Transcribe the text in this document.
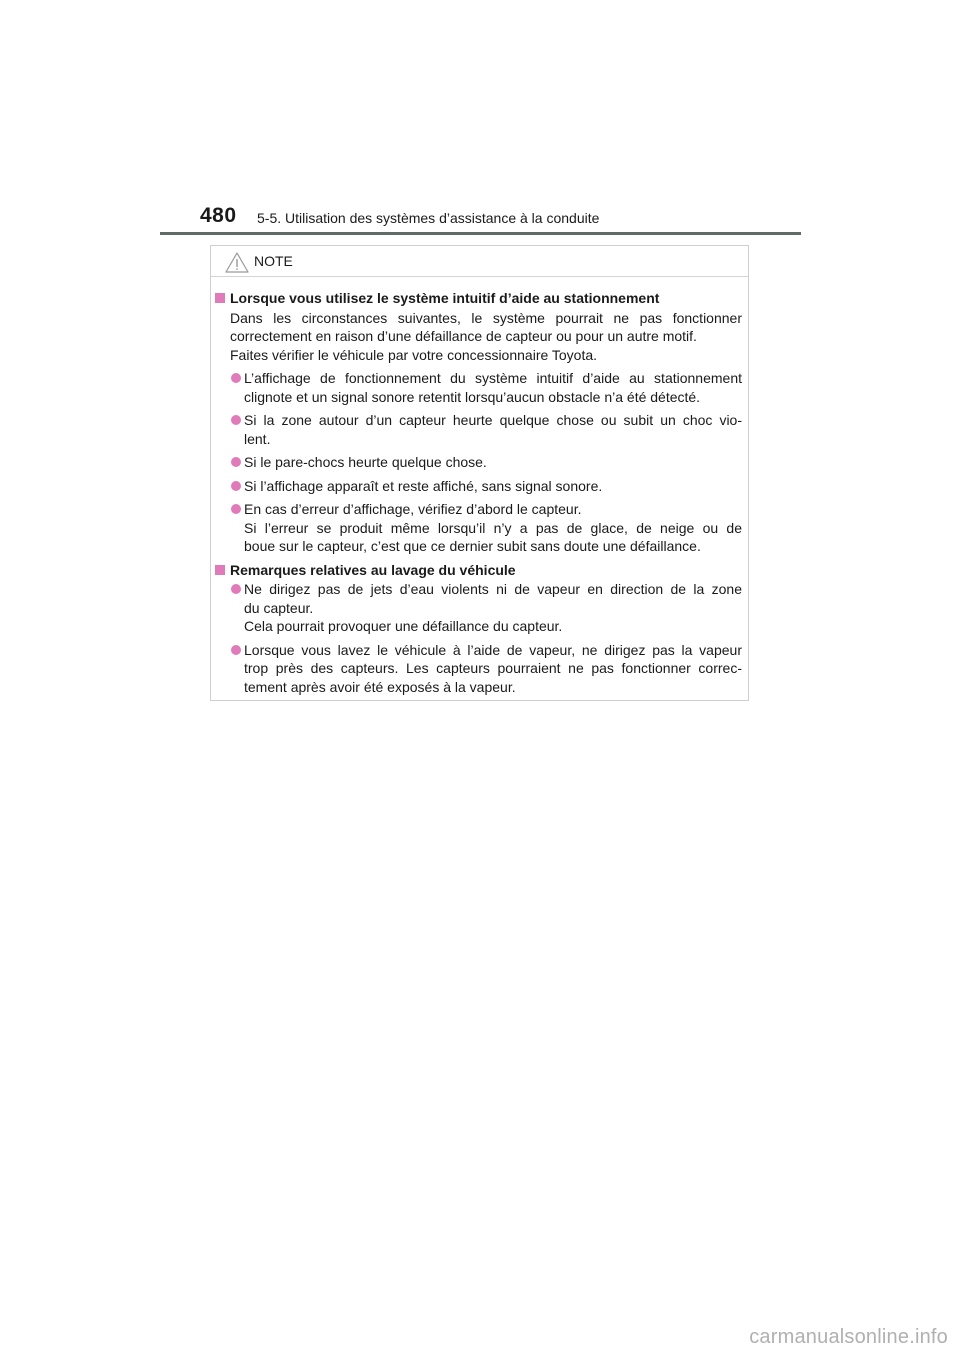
480 5-5. Utilisation des systèmes d’assistance à la conduite
NOTE
Lorsque vous utilisez le système intuitif d’aide au stationnement
Dans les circonstances suivantes, le système pourrait ne pas fonctionner
correctement en raison d’une défaillance de capteur ou pour un autre motif.
Faites vérifier le véhicule par votre concessionnaire Toyota.
L’affichage de fonctionnement du système intuitif d’aide au stationnement
clignote et un signal sonore retentit lorsqu’aucun obstacle n’a été détecté.
Si la zone autour d’un capteur heurte quelque chose ou subit un choc vio-
lent.
Si le pare-chocs heurte quelque chose.
Si l’affichage apparaît et reste affiché, sans signal sonore.
En cas d’erreur d’affichage, vérifiez d’abord le capteur.
Si l’erreur se produit même lorsqu’il n’y a pas de glace, de neige ou de
boue sur le capteur, c’est que ce dernier subit sans doute une défaillance.
Remarques relatives au lavage du véhicule
Ne dirigez pas de jets d’eau violents ni de vapeur en direction de la zone
du capteur.
Cela pourrait provoquer une défaillance du capteur.
Lorsque vous lavez le véhicule à l’aide de vapeur, ne dirigez pas la vapeur
trop près des capteurs. Les capteurs pourraient ne pas fonctionner correc-
tement après avoir été exposés à la vapeur.
carmanualsonline.info
